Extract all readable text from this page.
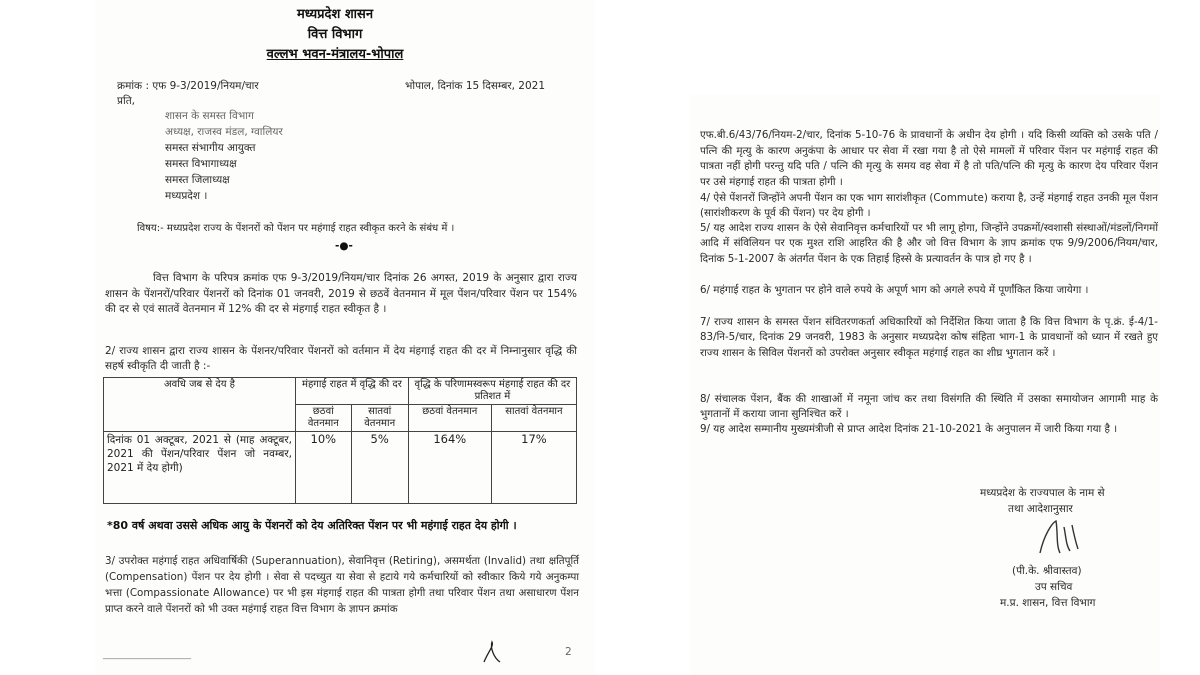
मध्यप्रदेश शासन
वित्त विभाग
वल्लभ भवन-मंत्रालय-भोपाल
क्रमांक : एफ 9-3/2019/नियम/चार	भोपाल, दिनांक 15 दिसम्बर, 2021
प्रति,
शासन के समस्त विभाग
अध्यक्ष, राजस्व मंडल, ग्वालियर
समस्त संभागीय आयुक्त
समस्त विभागाध्यक्ष
समस्त जिलाध्यक्ष
मध्यप्रदेश ।
विषय:- मध्यप्रदेश राज्य के पेंशनरों को पेंशन पर महंगाई राहत स्वीकृत करने के संबंध में ।
-●-
वित्त विभाग के परिपत्र क्रमांक एफ 9-3/2019/नियम/चार दिनांक 26 अगस्त, 2019 के अनुसार द्वारा राज्य शासन के पेंशनरों/परिवार पेंशनरों को दिनांक 01 जनवरी, 2019 से छठवें वेतनमान में मूल पेंशन/परिवार पेंशन पर 154% की दर से एवं सातवें वेतनमान में 12% की दर से मंहगाई राहत स्वीकृत है ।
2/ राज्य शासन द्वारा राज्य शासन के पेंशनर/परिवार पेंशनरों को वर्तमान में देय मंहगाई राहत की दर में निम्नानुसार वृद्धि की सहर्ष स्वीकृति दी जाती है :-
अवधि जब से देय है	मंहगाई राहत में वृद्धि की दर		वृद्धि के परिणामस्वरूप मंहगाई राहत की दर प्रतिशत में	
	छठवां वेतनमान	सातवां वेतनमान	छठवां वेतनमान	सातवां वेतनमान
दिनांक 01 अक्टूबर, 2021 से (माह अक्टूबर, 2021 की पेंशन/परिवार पेंशन जो नवम्बर, 2021 में देय होगी)	10%	5%	164%	17%
*80 वर्ष अथवा उससे अधिक आयु के पेंशनरों को देय अतिरिक्त पेंशन पर भी महंगाई राहत देय होगी ।
3/ उपरोक्त महंगाई राहत अधिवार्षिकी (Superannuation), सेवानिवृत्त (Retiring), असमर्थता (Invalid) तथा क्षतिपूर्ति (Compensation) पेंशन पर देय होगी । सेवा से पदच्युत या सेवा से हटाये गये कर्मचारियों को स्वीकार किये गये अनुकम्पा भत्ता (Compassionate Allowance) पर भी इस मंहगाई राहत की पात्रता होगी तथा परिवार पेंशन तथा असाधारण पेंशन प्राप्त करने वाले पेंशनरों को भी उक्त महंगाई राहत वित्त विभाग के ज्ञापन क्रमांक
______________________	2
एफ.बी.6/43/76/नियम-2/चार, दिनांक 5-10-76 के प्रावधानों के अधीन देय होगी । यदि किसी व्यक्ति को उसके पति / पत्नि की मृत्यु के कारण अनुकंपा के आधार पर सेवा में रखा गया है तो ऐसे मामलों में परिवार पेंशन पर महंगाई राहत की पात्रता नहीं होगी परन्तु यदि पति / पत्नि की मृत्यु के समय वह सेवा में है तो पति/पत्नि की मृत्यु के कारण देय परिवार पेंशन पर उसे मंहगाई राहत की पात्रता होगी ।
4/ ऐसे पेंशनरों जिन्होंने अपनी पेंशन का एक भाग सारांशीकृत (Commute) कराया है, उन्हें मंहगाई राहत उनकी मूल पेंशन (सारांशीकरण के पूर्व की पेंशन) पर देय होगी ।
5/ यह आदेश राज्य शासन के ऐसे सेवानिवृत्त कर्मचारियों पर भी लागू होगा, जिन्होंने उपक्रमों/स्वशासी संस्थाओं/मंडलों/निगमों आदि में संविलियन पर एक मुश्त राशि आहरित की है और जो वित्त विभाग के ज्ञाप क्रमांक एफ 9/9/2006/नियम/चार, दिनांक 5-1-2007 के अंतर्गत पेंशन के एक तिहाई हिस्से के प्रत्यावर्तन के पात्र हो गए है ।
6/ महंगाई राहत के भुगतान पर होने वाले रुपये के अपूर्ण भाग को अगले रुपये में पूर्णांकित किया जायेगा ।
7/ राज्य शासन के समस्त पेंशन संवितरणकर्ता अधिकारियों को निर्देशित किया जाता है कि वित्त विभाग के पृ.क्रं. ई-4/1-83/नि-5/चार, दिनांक 29 जनवरी, 1983 के अनुसार मध्यप्रदेश कोष संहिता भाग-1 के प्रावधानों को ध्यान में रखते हुए राज्य शासन के सिविल पेंशनरों को उपरोक्त अनुसार स्वीकृत महंगाई राहत का शीघ्र भुगतान करें ।
8/ संचालक पेंशन, बैंक की शाखाओं में नमूना जांच कर तथा विसंगति की स्थिति में उसका समायोजन आगामी माह के भुगतानों में कराया जाना सुनिश्चित करें ।
9/ यह आदेश सम्मानीय मुख्यमंत्रीजी से प्राप्त आदेश दिनांक 21-10-2021 के अनुपालन में जारी किया गया है ।
मध्यप्रदेश के राज्यपाल के नाम से
तथा आदेशानुसार
(पी.के. श्रीवास्तव)
उप सचिव
म.प्र. शासन, वित्त विभाग
